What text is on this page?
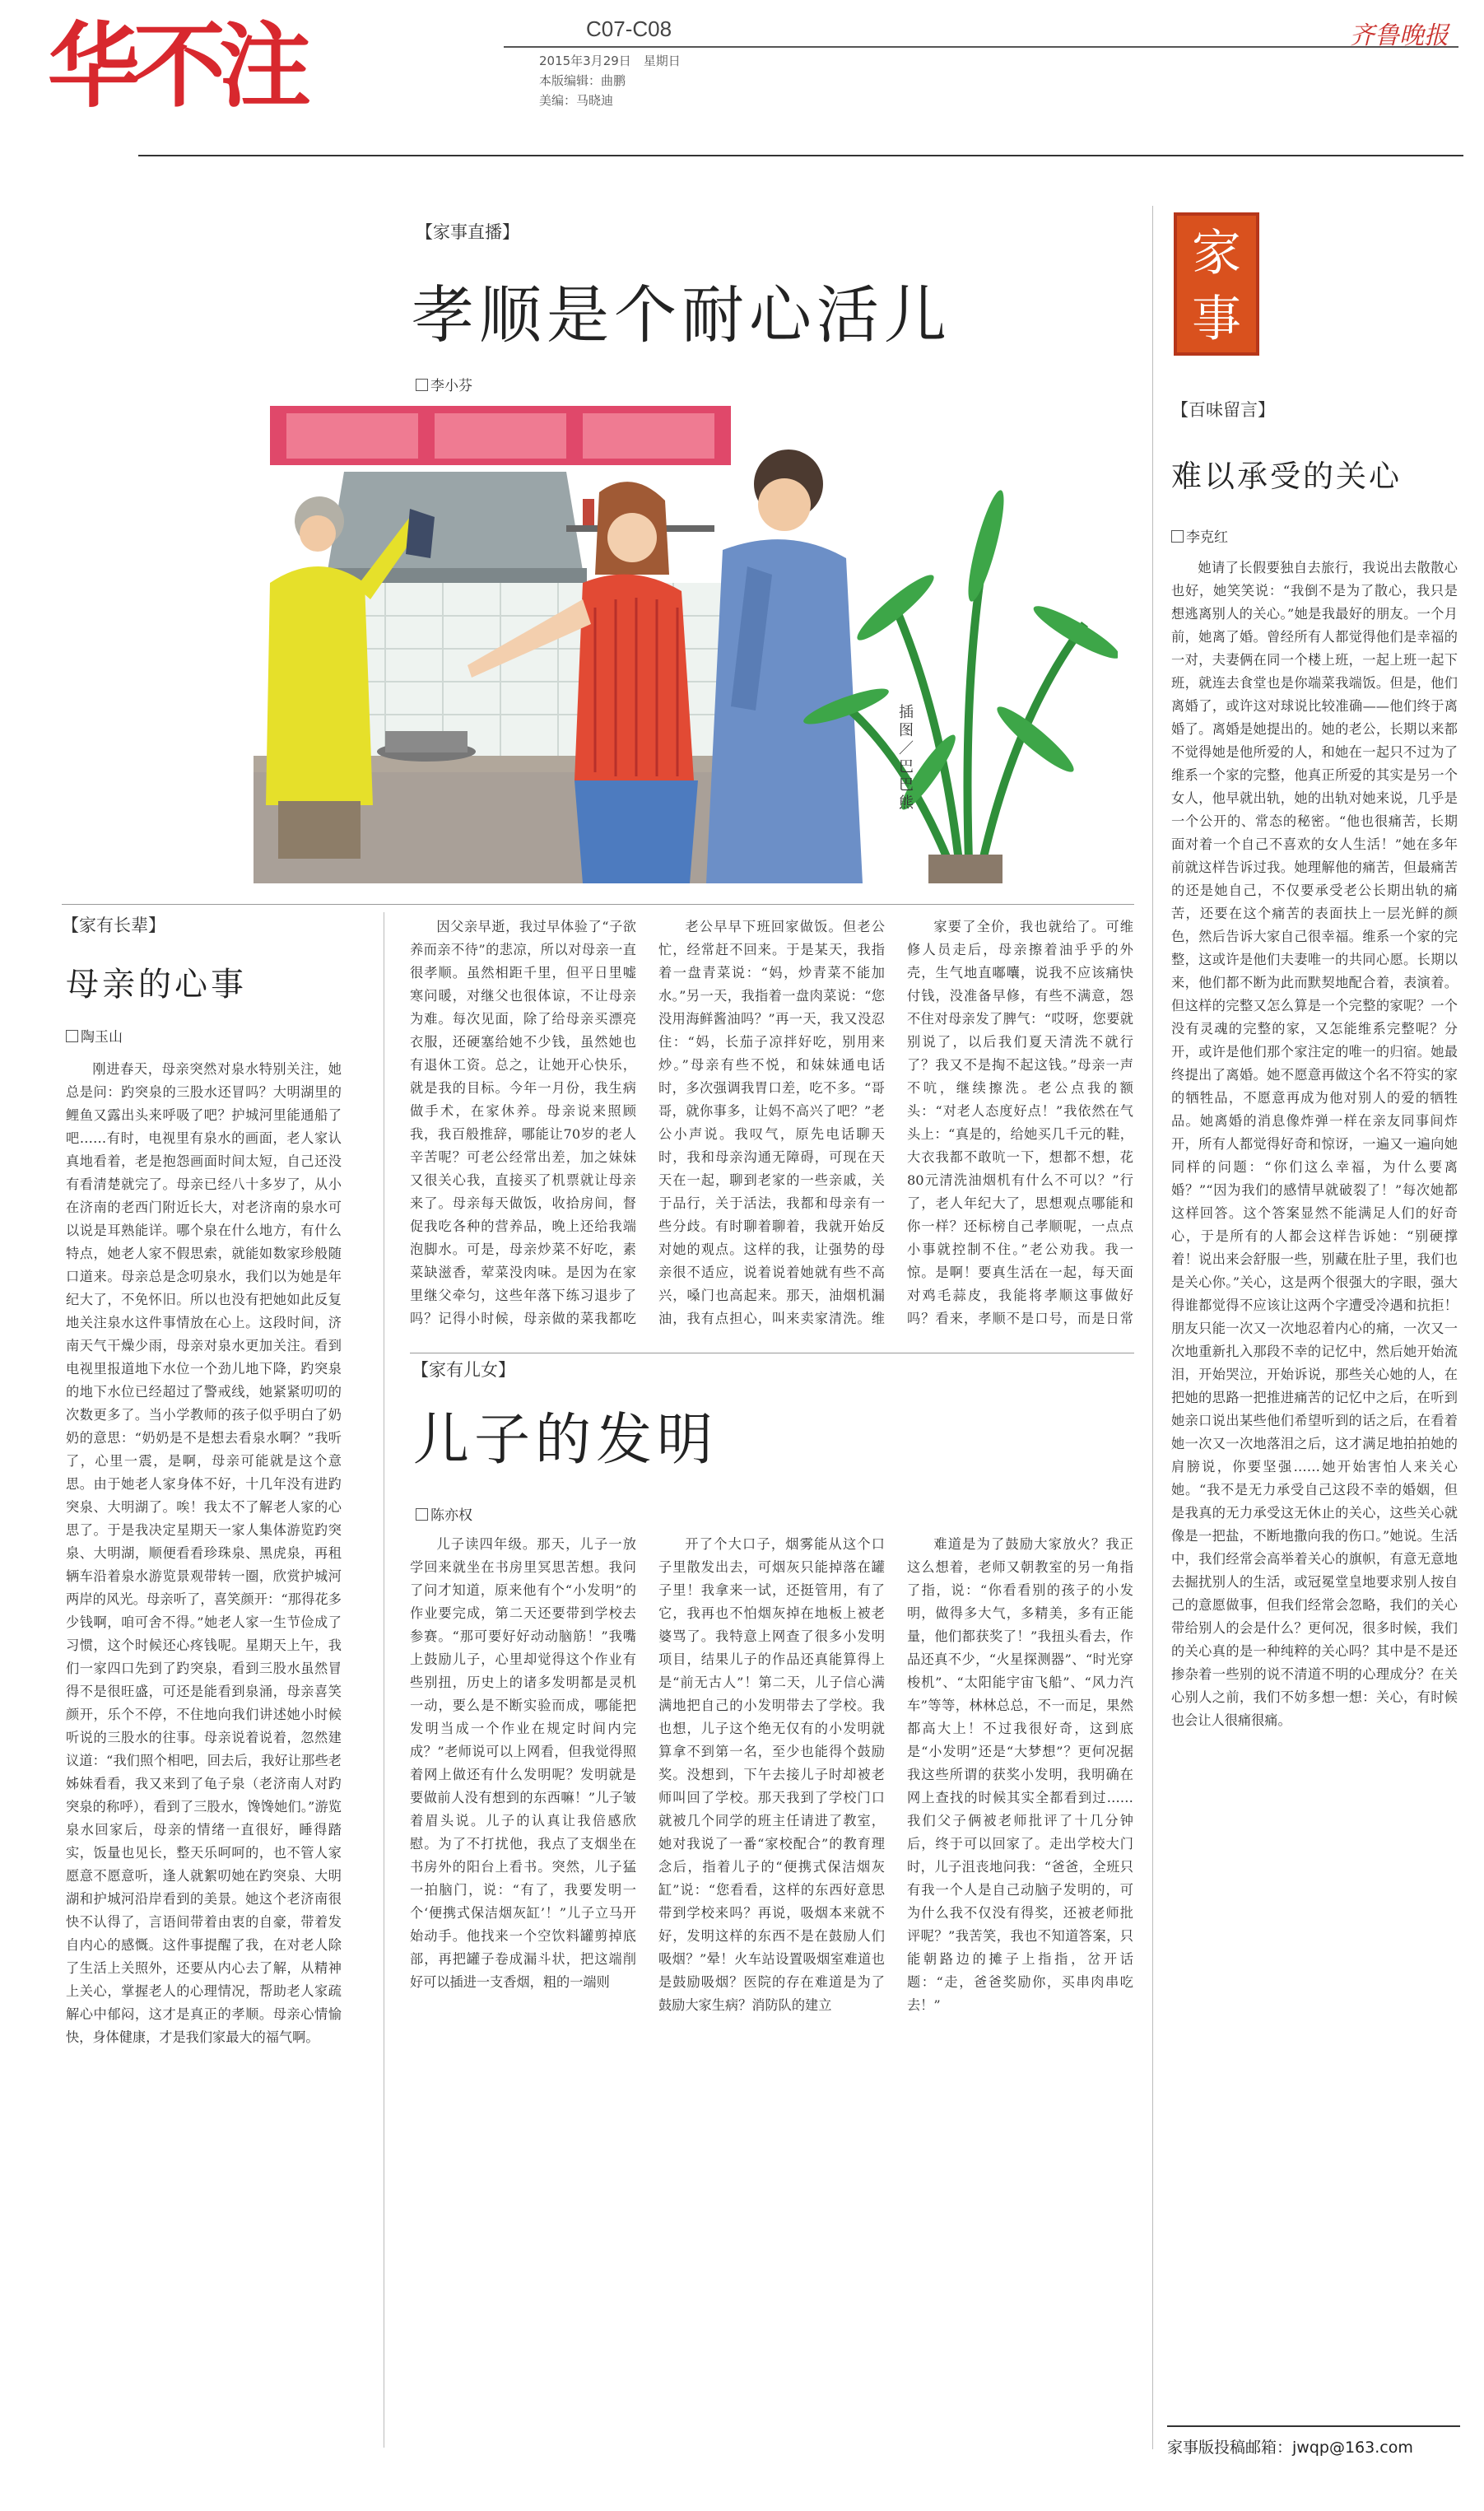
华不注	C07-C08
2015年3月29日　星期日
本版编辑：曲鹏
美编：马晓迪
齐鲁晚报
【家事直播】
孝顺是个耐心活儿
李小芬
插图／巴巴熊
【家有长辈】
母亲的心事
陶玉山

刚进春天，母亲突然对泉水特别关注，她总是问：趵突泉的三股水还冒吗？大明湖里的鲤鱼又露出头来呼吸了吧？护城河里能通船了吧……有时，电视里有泉水的画面，老人家认真地看着，老是抱怨画面时间太短，自己还没有看清楚就完了。母亲已经八十多岁了，从小在济南的老西门附近长大，对老济南的泉水可以说是耳熟能详。哪个泉在什么地方，有什么特点，她老人家不假思索，就能如数家珍般随口道来。母亲总是念叨泉水，我们以为她是年纪大了，不免怀旧。所以也没有把她如此反复地关注泉水这件事情放在心上。这段时间，济南天气干燥少雨，母亲对泉水更加关注。看到电视里报道地下水位一个劲儿地下降，趵突泉的地下水位已经超过了警戒线，她紧紧叨叨的次数更多了。当小学教师的孩子似乎明白了奶奶的意思：“奶奶是不是想去看泉水啊？”我听了，心里一震，是啊，母亲可能就是这个意思。由于她老人家身体不好，十几年没有进趵突泉、大明湖了。唉！我太不了解老人家的心思了。于是我决定星期天一家人集体游览趵突泉、大明湖，顺便看看珍珠泉、黑虎泉，再租辆车沿着泉水游览景观带转一圈，欣赏护城河两岸的风光。母亲听了，喜笑颜开：“那得花多少钱啊，咱可舍不得。”她老人家一生节俭成了习惯，这个时候还心疼钱呢。星期天上午，我们一家四口先到了趵突泉，看到三股水虽然冒得不是很旺盛，可还是能看到泉涌，母亲喜笑颜开，乐个不停，不住地向我们讲述她小时候听说的三股水的往事。母亲说着说着，忽然建议道：“我们照个相吧，回去后，我好让那些老姊妹看看，我又来到了龟子泉（老济南人对趵突泉的称呼），看到了三股水，馋馋她们。”游览泉水回家后，母亲的情绪一直很好，睡得踏实，饭量也见长，整天乐呵呵的，也不管人家愿意不愿意听，逢人就絮叨她在趵突泉、大明湖和护城河沿岸看到的美景。她这个老济南很快不认得了，言语间带着由衷的自豪，带着发自内心的感慨。这件事提醒了我，在对老人除了生活上关照外，还要从内心去了解，从精神上关心，掌握老人的心理情况，帮助老人家疏解心中郁闷，这才是真正的孝顺。母亲心情愉快，身体健康，才是我们家最大的福气啊。

因父亲早逝，我过早体验了“子欲养而亲不待”的悲凉，所以对母亲一直很孝顺。虽然相距千里，但平日里嘘寒问暖，对继父也很体谅，不让母亲为难。每次见面，除了给母亲买漂亮衣服，还硬塞给她不少钱，虽然她也有退休工资。总之，让她开心快乐，就是我的目标。今年一月份，我生病做手术，在家休养。母亲说来照顾我，我百般推辞，哪能让70岁的老人辛苦呢？可老公经常出差，加之妹妹又很关心我，直接买了机票就让母亲来了。母亲每天做饭，收拾房间，督促我吃各种的营养品，晚上还给我端泡脚水。可是，母亲炒菜不好吃，素菜缺滋香，荤菜没肉味。是因为在家里继父牵匀，这些年落下练习退步了吗？记得小时候，母亲做的菜我都吃

老公早早下班回家做饭。但老公忙，经常赶不回来。于是某天，我指着一盘青菜说：“妈，炒青菜不能加水。”另一天，我指着一盘肉菜说：“您没用海鲜酱油吗？”再一天，我又没忍住：“妈，长茄子凉拌好吃，别用来炒。”母亲有些不悦，和妹妹通电话时，多次强调我胃口差，吃不多。“哥哥，就你事多，让妈不高兴了吧？”老公小声说。我叹气，原先电话聊天时，我和母亲沟通无障碍，可现在天天在一起，聊到老家的一些亲戚，关于品行，关于活法，我都和母亲有一些分歧。有时聊着聊着，我就开始反对她的观点。这样的我，让强势的母亲很不适应，说着说着她就有些不高兴，嗓门也高起来。那天，油烟机漏油，我有点担心，叫来卖家清洗。维

家要了全价，我也就给了。可维修人员走后，母亲擦着油乎乎的外壳，生气地直嘟囔，说我不应该痛快付钱，没准备早修，有些不满意，怨不住对母亲发了脾气：“哎呀，您要就别说了，以后我们夏天清洗不就行了？我又不是掏不起这钱。”母亲一声不吭，继续擦洗。老公点我的额头：“对老人态度好点！”我依然在气头上：“真是的，给她买几千元的鞋，大衣我都不敢吭一下，想都不想，花80元清洗油烟机有什么不可以？”行了，老人年纪大了，思想观点哪能和你一样？还标榜自己孝顺呢，一点点小事就控制不住。”老公劝我。我一惊。是啊！要真生活在一起，每天面对鸡毛蒜皮，我能将孝顺这事做好吗？看来，孝顺不是口号，而是日常

【家有儿女】
儿子的发明
陈亦权

儿子读四年级。那天，儿子一放学回来就坐在书房里冥思苦想。我问了问才知道，原来他有个“小发明”的作业要完成，第二天还要带到学校去参赛。“那可要好好动动脑筋！”我嘴上鼓励儿子，心里却觉得这个作业有些别扭，历史上的诸多发明都是灵机一动，要么是不断实验而成，哪能把发明当成一个作业在规定时间内完成？”老师说可以上网看，但我觉得照着网上做还有什么发明呢？发明就是要做前人没有想到的东西嘛！”儿子皱着眉头说。儿子的认真让我倍感欣慰。为了不打扰他，我点了支烟坐在书房外的阳台上看书。突然，儿子猛一拍脑门，说：“有了，我要发明一个‘便携式保洁烟灰缸’！”儿子立马开始动手。他找来一个空饮料罐剪掉底部，再把罐子卷成漏斗状，把这端削好可以插进一支香烟，粗的一端则

开了个大口子，烟雾能从这个口子里散发出去，可烟灰只能掉落在罐子里！我拿来一试，还挺管用，有了它，我再也不怕烟灰掉在地板上被老婆骂了。我特意上网查了很多小发明项目，结果儿子的作品还真能算得上是“前无古人”！第二天，儿子信心满满地把自己的小发明带去了学校。我也想，儿子这个绝无仅有的小发明就算拿不到第一名，至少也能得个鼓励奖。没想到，下午去接儿子时却被老师叫回了学校。那天我到了学校门口就被几个同学的班主任请进了教室，她对我说了一番“家校配合”的教育理念后，指着儿子的“便携式保洁烟灰缸”说：“您看看，这样的东西好意思带到学校来吗？再说，吸烟本来就不好，发明这样的东西不是在鼓励人们吸烟？”晕！火车站设置吸烟室难道也是鼓励吸烟？医院的存在难道是为了鼓励大家生病？消防队的建立

难道是为了鼓励大家放火？我正这么想着，老师又朝教室的另一角指了指，说：“你看看别的孩子的小发明，做得多大气，多精美，多有正能量，他们都获奖了！”我扭头看去，作品还真不少，“火星探测器”、“时光穿梭机”、“太阳能宇宙飞船”、“风力汽车”等等，林林总总，不一而足，果然都高大上！不过我很好奇，这到底是“小发明”还是“大梦想”？更何况据我这些所谓的获奖小发明，我明确在网上查找的时候其实全都看到过……我们父子俩被老师批评了十几分钟后，终于可以回家了。走出学校大门时，儿子沮丧地问我：“爸爸，全班只有我一个人是自己动脑子发明的，可为什么我不仅没有得奖，还被老师批评呢？”我苦笑，我也不知道答案，只能朝路边的摊子上指指，岔开话题：“走，爸爸奖励你，买串肉串吃去！”

家事
【百味留言】
难以承受的关心
李克红

她请了长假要独自去旅行，我说出去散散心也好，她笑笑说：“我倒不是为了散心，我只是想逃离别人的关心。”她是我最好的朋友。一个月前，她离了婚。曾经所有人都觉得他们是幸福的一对，夫妻俩在同一个楼上班，一起上班一起下班，就连去食堂也是你端菜我端饭。但是，他们离婚了，或许这对球说比较准确——他们终于离婚了。离婚是她提出的。她的老公，长期以来都不觉得她是他所爱的人，和她在一起只不过为了维系一个家的完整，他真正所爱的其实是另一个女人，他早就出轨，她的出轨对她来说，几乎是一个公开的、常态的秘密。“他也很痛苦，长期面对着一个自己不喜欢的女人生活！”她在多年前就这样告诉过我。她理解他的痛苦，但最痛苦的还是她自己，不仅要承受老公长期出轨的痛苦，还要在这个痛苦的表面扶上一层光鲜的颜色，然后告诉大家自己很幸福。维系一个家的完整，这或许是他们夫妻唯一的共同心愿。长期以来，他们都不断为此而默契地配合着，表演着。但这样的完整又怎么算是一个完整的家呢？一个没有灵魂的完整的家，又怎能维系完整呢？分开，或许是他们那个家注定的唯一的归宿。她最终提出了离婚。她不愿意再做这个名不符实的家的牺牲品，不愿意再成为他对别人的爱的牺牲品。她离婚的消息像炸弹一样在亲友同事间炸开，所有人都觉得好奇和惊讶，一遍又一遍向她同样的问题：“你们这么幸福，为什么要离婚？”“因为我们的感情早就破裂了！”每次她都这样回答。这个答案显然不能满足人们的好奇心，于是所有的人都会这样告诉她：“别硬撑着！说出来会舒服一些，别藏在肚子里，我们也是关心你。”关心，这是两个很强大的字眼，强大得谁都觉得不应该让这两个字遭受冷遇和抗拒！朋友只能一次又一次地忍着内心的痛，一次又一次地重新扎入那段不幸的记忆中，然后她开始流泪，开始哭泣，开始诉说，那些关心她的人，在把她的思路一把推进痛苦的记忆中之后，在听到她亲口说出某些他们希望听到的话之后，在看着她一次又一次地落泪之后，这才满足地拍拍她的肩膀说，你要坚强……她开始害怕人来关心她。“我不是无力承受自己这段不幸的婚姻，但是我真的无力承受这无休止的关心，这些关心就像是一把盐，不断地撒向我的伤口。”她说。生活中，我们经常会高举着关心的旗帜，有意无意地去掘扰别人的生活，或冠冕堂皇地要求别人按自己的意愿做事，但我们经常会忽略，我们的关心带给别人的会是什么？更何况，很多时候，我们的关心真的是一种纯粹的关心吗？其中是不是还掺杂着一些别的说不清道不明的心理成分？在关心别人之前，我们不妨多想一想：关心，有时候也会让人很痛很痛。

家事版投稿邮箱：jwqp@163.com
